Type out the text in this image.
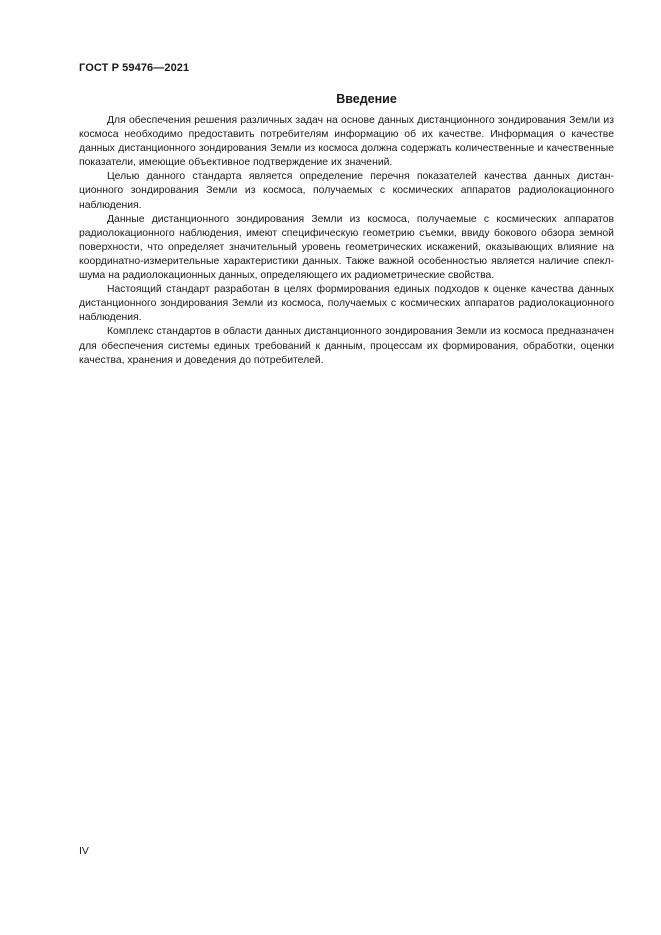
ГОСТ Р 59476—2021
Введение

Для обеспечения решения различных задач на основе данных дистанционного зондирования Земли из космоса необходимо предоставить потребителям информацию об их качестве. Информация о качестве данных дистанционного зондирования Земли из космоса должна содержать количественные и качественные показатели, имеющие объективное подтверждение их значений.

Целью данного стандарта является определение перечня показателей качества данных дистанционного зондирования Земли из космоса, получаемых с космических аппаратов радиолокационного наблюдения.

Данные дистанционного зондирования Земли из космоса, получаемые с космических аппаратов радиолокационного наблюдения, имеют специфическую геометрию съемки, ввиду бокового обзора земной поверхности, что определяет значительный уровень геометрических искажений, оказывающих влияние на координатно-измерительные характеристики данных. Также важной особенностью является наличие спекл-шума на радиолокационных данных, определяющего их радиометрические свойства.

Настоящий стандарт разработан в целях формирования единых подходов к оценке качества данных дистанционного зондирования Земли из космоса, получаемых с космических аппаратов радиолокационного наблюдения.

Комплекс стандартов в области данных дистанционного зондирования Земли из космоса предназначен для обеспечения системы единых требований к данным, процессам их формирования, обработки, оценки качества, хранения и доведения до потребителей.

IV
